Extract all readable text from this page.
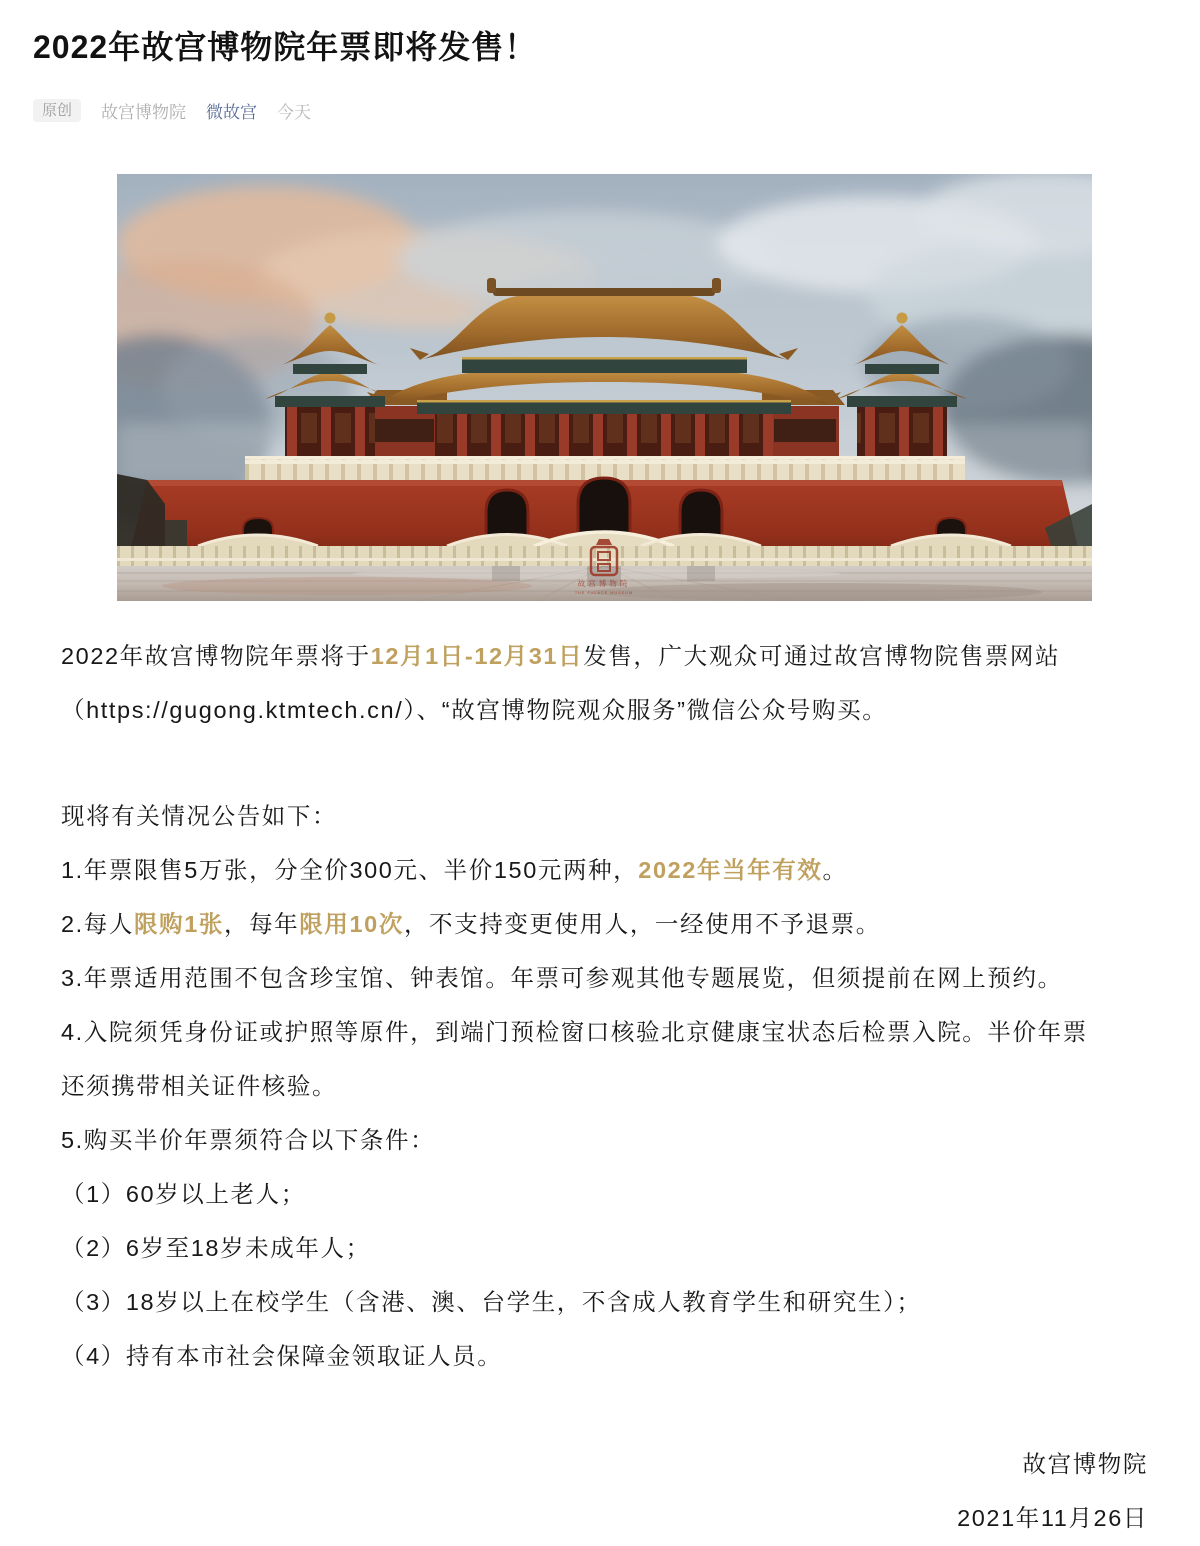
2022年故宫博物院年票即将发售！
原创	故宫博物院 微故宫 今天
故宫博物院
THE PALACE MUSEUM

2022年故宫博物院年票将于12月1日-12月31日发售，广大观众可通过故宫博物院售票网站

（https://gugong.ktmtech.cn/）、“故宫博物院观众服务”微信公众号购买。

现将有关情况公告如下：

1.年票限售5万张，分全价300元、半价150元两种，2022年当年有效。

2.每人限购1张，每年限用10次，不支持变更使用人，一经使用不予退票。

3.年票适用范围不包含珍宝馆、钟表馆。年票可参观其他专题展览，但须提前在网上预约。

4.入院须凭身份证或护照等原件，到端门预检窗口核验北京健康宝状态后检票入院。半价年票

还须携带相关证件核验。

5.购买半价年票须符合以下条件：

（1）60岁以上老人；

（2）6岁至18岁未成年人；

（3）18岁以上在校学生（含港、澳、台学生，不含成人教育学生和研究生）；

（4）持有本市社会保障金领取证人员。

故宫博物院

2021年11月26日
